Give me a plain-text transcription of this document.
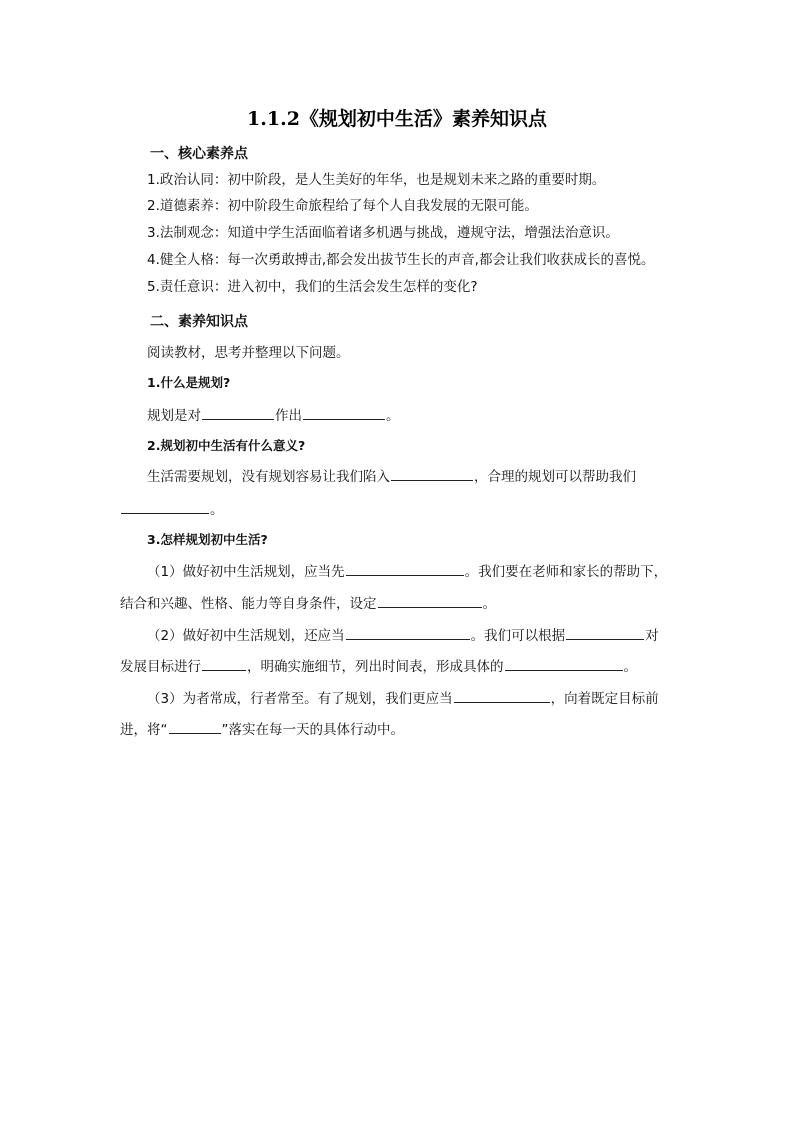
1.1.2《规划初中生活》素养知识点
一、核心素养点
1.政治认同：初中阶段，是人生美好的年华，也是规划未来之路的重要时期。
2.道德素养：初中阶段生命旅程给了每个人自我发展的无限可能。
3.法制观念：知道中学生活面临着诸多机遇与挑战，遵规守法，增强法治意识。
4.健全人格：每一次勇敢搏击,都会发出拔节生长的声音,都会让我们收获成长的喜悦。
5.责任意识：进入初中，我们的生活会发生怎样的变化?
二、素养知识点
阅读教材，思考并整理以下问题。
1.什么是规划?
规划是对	作出	。
2.规划初中生活有什么意义?
生活需要规划，没有规划容易让我们陷入	，合理的规划可以帮助我们
。
3.怎样规划初中生活?
（1）做好初中生活规划，应当先	。我们要在老师和家长的帮助下，
结合和兴趣、性格、能力等自身条件，设定	。
（2）做好初中生活规划，还应当	。我们可以根据	对
发展目标进行	，明确实施细节，列出时间表，形成具体的	。
（3）为者常成，行者常至。有了规划，我们更应当	，向着既定目标前
进，将“	”落实在每一天的具体行动中。
